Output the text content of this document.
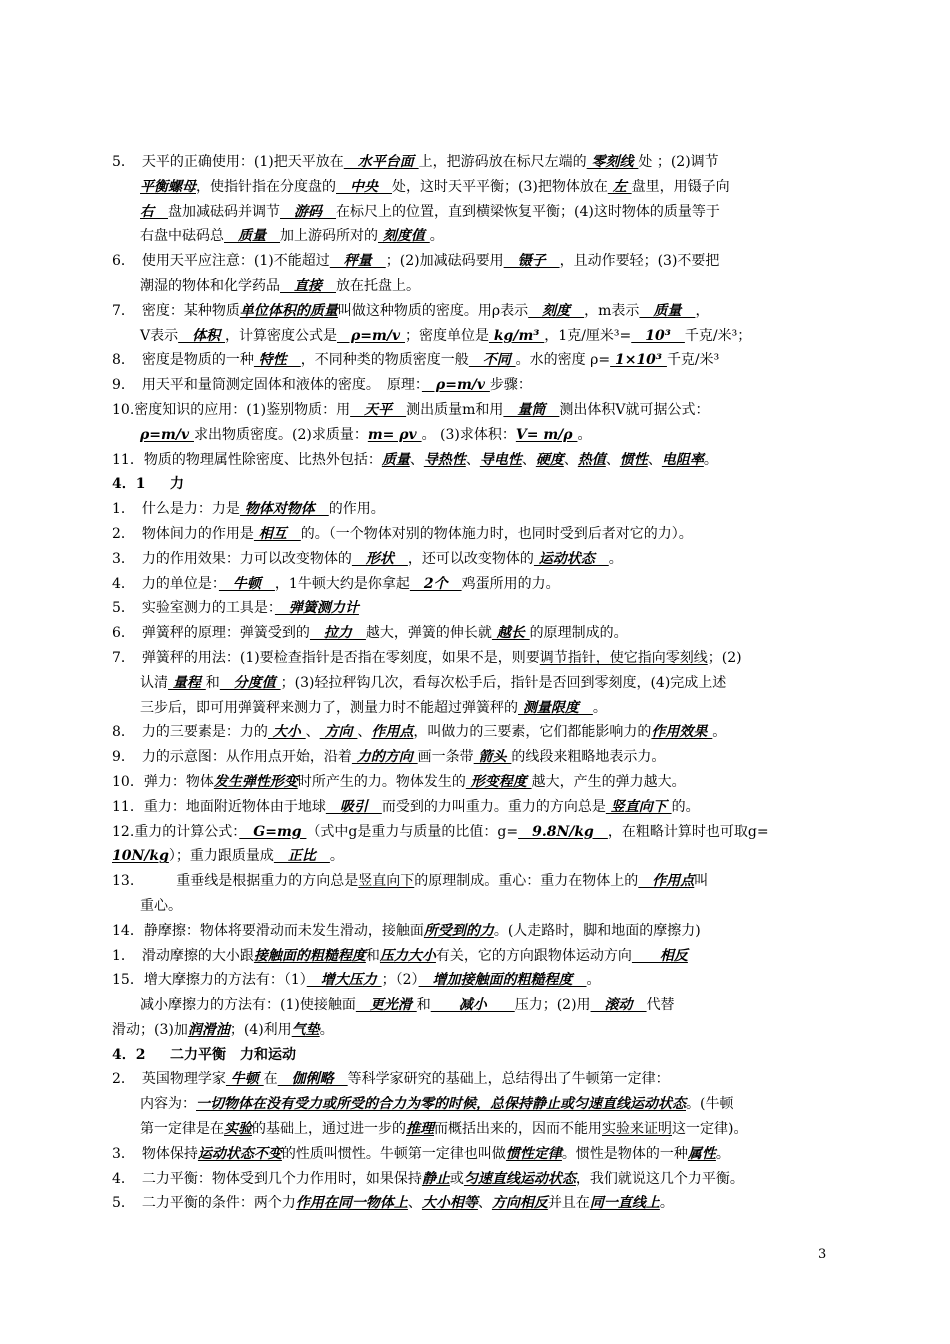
5．　天平的正确使用：(1)把天平放在　水平台面 上，把游码放在标尺左端的 零刻线 处 ；(2)调节
　　平衡螺母，使指针指在分度盘的　中央　处，这时天平平衡；(3)把物体放在 左 盘里，用镊子向
　　右　盘加减砝码并调节　游码　在标尺上的位置，直到横梁恢复平衡；(4)这时物体的质量等于
　　右盘中砝码总　质量　加上游码所对的 刻度值 。
6．　使用天平应注意：(1)不能超过　秤量　；(2)加减砝码要用　镊子　，且动作要轻；(3)不要把
　　潮湿的物体和化学药品　直接　放在托盘上。
7．　密度：某种物质单位体积的质量叫做这种物质的密度。用ρ表示　刻度　，m表示　质量　，
　　V表示　体积 ，计算密度公式是　ρ=m/v ；密度单位是 kg/m³ ，1克/厘米³=　10³　千克/米³；
8．　密度是物质的一种 特性　，不同种类的物质密度一般　不同 。水的密度 ρ= 1×10³ 千克/米³
9．　用天平和量筒测定固体和液体的密度。　原理：　ρ=m/v 步骤：
10.密度知识的应用：(1)鉴别物质：用　天平　测出质量m和用　量筒　测出体积V就可据公式：
　　ρ=m/v 求出物质密度。(2)求质量：m= ρv 。 (3)求体积：V= m/ρ 。
11．物质的物理属性除密度、比热外包括：质量、导热性、导电性、硬度、热值、惯性、电阻率。
4．1 力
1．　什么是力：力是 物体对物体　的作用。
2．　物体间力的作用是 相互　的。（一个物体对别的物体施力时，也同时受到后者对它的力）。
3．　力的作用效果：力可以改变物体的　形状　，还可以改变物体的 运动状态　。
4．　力的单位是：　牛顿　，1牛顿大约是你拿起　2个　鸡蛋所用的力。
5．　实验室测力的工具是：　弹簧测力计
6．　弹簧秤的原理：弹簧受到的　拉力　越大，弹簧的伸长就 越长 的原理制成的。
7．　弹簧秤的用法：(1)要检查指针是否指在零刻度，如果不是，则要调节指针，使它指向零刻线；(2)
　　认清 量程 和　分度值 ；(3)轻拉秤钩几次，看每次松手后，指针是否回到零刻度，(4)完成上述
　　三步后，即可用弹簧秤来测力了，测量力时不能超过弹簧秤的 测量限度　。
8．　力的三要素是：力的 大小 、 方向 、作用点，叫做力的三要素，它们都能影响力的作用效果 。
9．　力的示意图：从作用点开始，沿着 力的方向 画一条带 箭头 的线段来粗略地表示力。
10．弹力：物体发生弹性形变时所产生的力。物体发生的 形变程度 越大，产生的弹力越大。
11．重力：地面附近物体由于地球　吸引　而受到的力叫重力。重力的方向总是 竖直向下 的。
12.重力的计算公式：　G=mg （式中g是重力与质量的比值：g=　9.8N/kg　，在粗略计算时也可取g=
10N/kg）；重力跟质量成　正比　。
13.　　　重垂线是根据重力的方向总是竖直向下的原理制成。重心：重力在物体上的　作用点叫
　　重心。
14．静摩擦：物体将要滑动而未发生滑动，接触面所受到的力。(人走路时，脚和地面的摩擦力)
1．　滑动摩擦的大小跟接触面的粗糙程度和压力大小有关，它的方向跟物体运动方向　　相反
15．增大摩擦力的方法有：（1）　增大压力 ；（2）　增加接触面的粗糙程度　。
　　减小摩擦力的方法有：(1)使接触面　更光滑 和　　减小　　压力；(2)用　滚动　代替
滑动；(3)加润滑油；(4)利用气垫。
4．2 二力平衡　力和运动
2．　英国物理学家 牛顿 在　伽俐略　等科学家研究的基础上，总结得出了牛顿第一定律：
　　内容为：一切物体在没有受力或所受的合力为零的时候，总保持静止或匀速直线运动状态。(牛顿
　　第一定律是在实验的基础上，通过进一步的推理而概括出来的，因而不能用实验来证明这一定律)。
3．　物体保持运动状态不变的性质叫惯性。牛顿第一定律也叫做惯性定律。惯性是物体的一种属性。
4．　二力平衡：物体受到几个力作用时，如果保持静止或匀速直线运动状态，我们就说这几个力平衡。
5．　二力平衡的条件：两个力作用在同一物体上、大小相等、方向相反并且在同一直线上。
3
